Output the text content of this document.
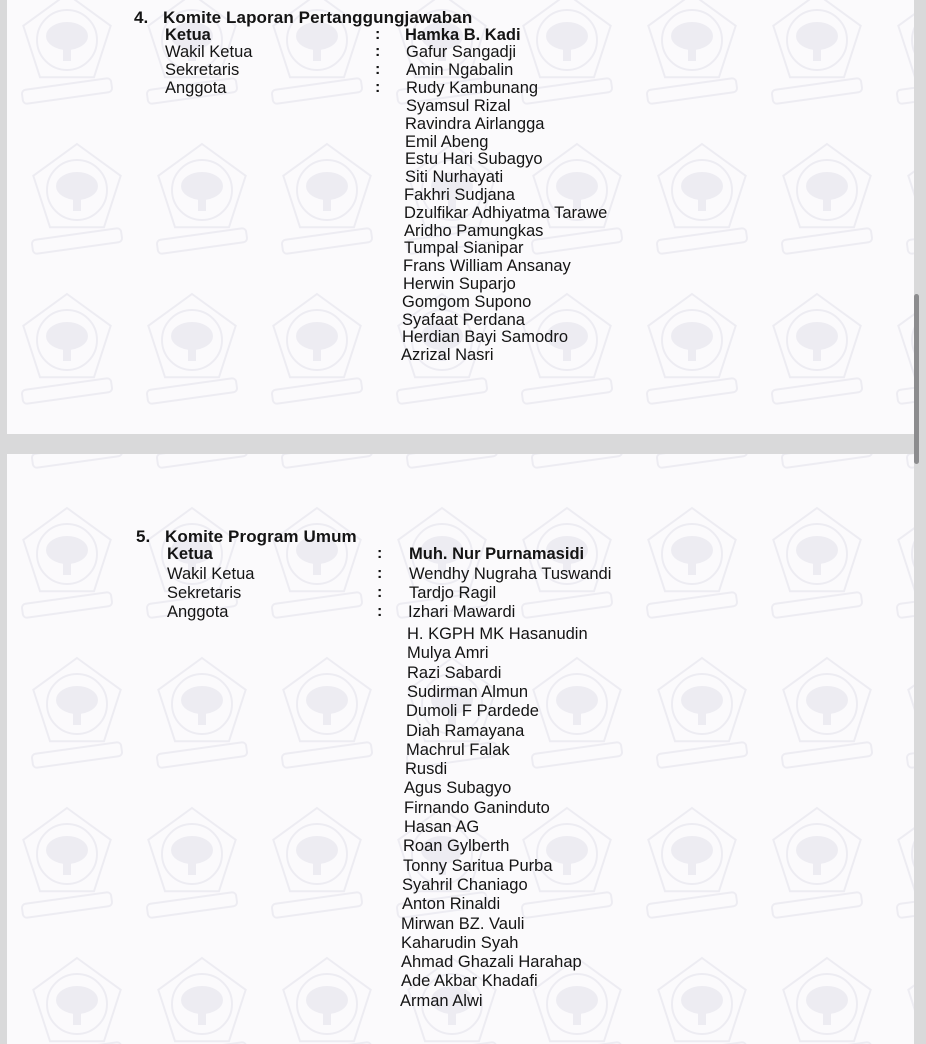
4. Komite Laporan Pertanggungjawaban
Ketua	: Hamka B. Kadi
Wakil Ketua	: Gafur Sangadji
Sekretaris	: Amin Ngabalin
Anggota	: Rudy Kambunang
Syamsul Rizal
Ravindra Airlangga
Emil Abeng
Estu Hari Subagyo
Siti Nurhayati
Fakhri Sudjana
Dzulfikar Adhiyatma Tarawe
Aridho Pamungkas
Tumpal Sianipar
Frans William Ansanay
Herwin Suparjo
Gomgom Supono
Syafaat Perdana
Herdian Bayi Samodro
Azrizal Nasri
5. Komite Program Umum
Ketua	: Muh. Nur Purnamasidi
Wakil Ketua	: Wendhy Nugraha Tuswandi
Sekretaris	: Tardjo Ragil
Anggota	: Izhari Mawardi
H. KGPH MK Hasanudin
Mulya Amri
Razi Sabardi
Sudirman Almun
Dumoli F Pardede
Diah Ramayana
Machrul Falak
Rusdi
Agus Subagyo
Firnando Ganinduto
Hasan AG
Roan Gylberth
Tonny Saritua Purba
Syahril Chaniago
Anton Rinaldi
Mirwan BZ. Vauli
Kaharudin Syah
Ahmad Ghazali Harahap
Ade Akbar Khadafi
Arman Alwi
